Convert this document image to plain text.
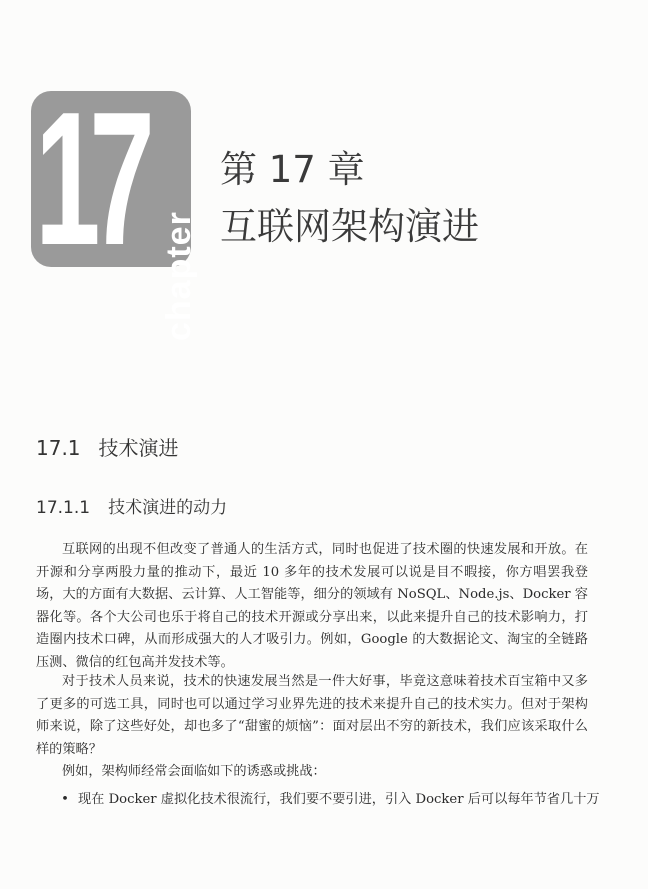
17 chapter
第 17 章
互联网架构演进
17.1 技术演进
17.1.1 技术演进的动力

互联网的出现不但改变了普通人的生活方式，同时也促进了技术圈的快速发展和开放。在开源和分享两股力量的推动下，最近 10 多年的技术发展可以说是目不暇接，你方唱罢我登场，大的方面有大数据、云计算、人工智能等，细分的领域有 NoSQL、Node.js、Docker 容器化等。各个大公司也乐于将自己的技术开源或分享出来，以此来提升自己的技术影响力，打造圈内技术口碑，从而形成强大的人才吸引力。例如，Google 的大数据论文、淘宝的全链路压测、微信的红包高并发技术等。

对于技术人员来说，技术的快速发展当然是一件大好事，毕竟这意味着技术百宝箱中又多了更多的可选工具，同时也可以通过学习业界先进的技术来提升自己的技术实力。但对于架构师来说，除了这些好处，却也多了“甜蜜的烦恼”：面对层出不穷的新技术，我们应该采取什么样的策略？

例如，架构师经常会面临如下的诱惑或挑战：

• 现在 Docker 虚拟化技术很流行，我们要不要引进，引入 Docker 后可以每年节省几十万
